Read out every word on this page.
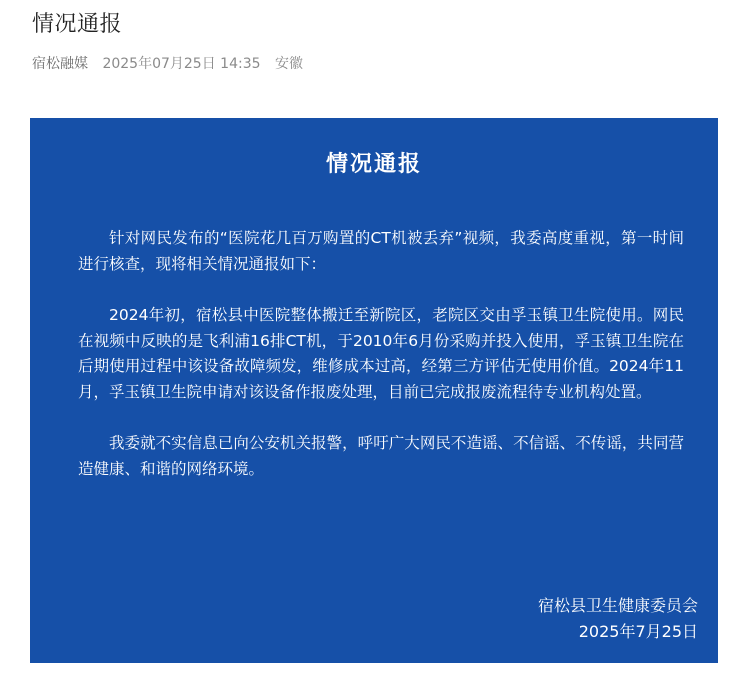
情况通报
宿松融媒 2025年07月25日 14:35 安徽
情况通报

针对网民发布的“医院花几百万购置的CT机被丢弃”视频，我委高度重视，第一时间进行核查，现将相关情况通报如下：

2024年初，宿松县中医院整体搬迁至新院区，老院区交由孚玉镇卫生院使用。网民在视频中反映的是飞利浦16排CT机，于2010年6月份采购并投入使用，孚玉镇卫生院在后期使用过程中该设备故障频发，维修成本过高，经第三方评估无使用价值。2024年11月，孚玉镇卫生院申请对该设备作报废处理，目前已完成报废流程待专业机构处置。

我委就不实信息已向公安机关报警，呼吁广大网民不造谣、不信谣、不传谣，共同营造健康、和谐的网络环境。

宿松县卫生健康委员会
2025年7月25日
